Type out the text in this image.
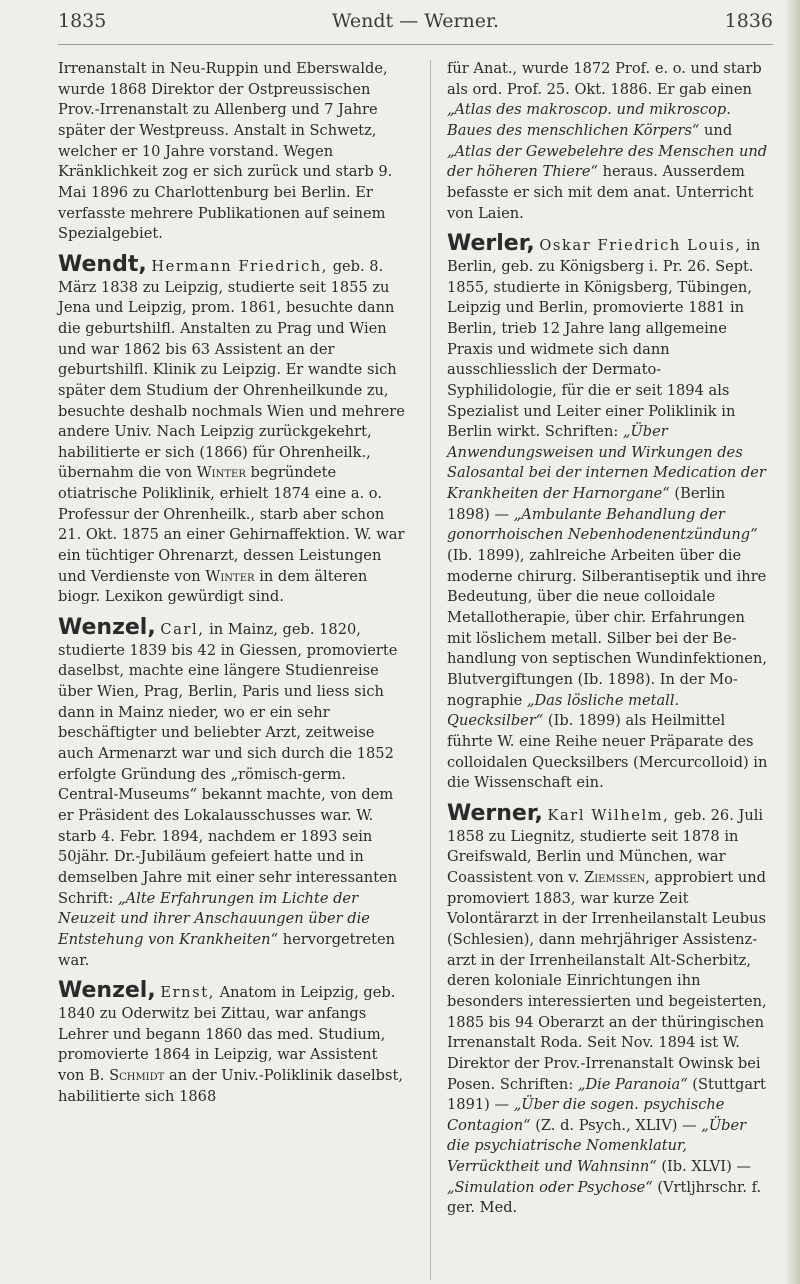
1835	Wendt — Werner.	1836

Irrenanstalt in Neu-Ruppin und Eberswalde, wurde 1868 Direktor der Ostpreussischen Prov.-Irrenanstalt zu Allenberg und 7 Jahre später der Westpreuss. Anstalt in Schwetz, welcher er 10 Jahre vorstand. Wegen Kränklichkeit zog er sich zurück und starb 9. Mai 1896 zu Charlottenburg bei Berlin. Er verfasste mehrere Publikationen auf seinem Spezialgebiet.

Wendt, Hermann Friedrich, geb. 8. März 1838 zu Leipzig, studierte seit 1855 zu Jena und Leipzig, prom. 1861, besuchte dann die geburtshilfl. Anstalten zu Prag und Wien und war 1862 bis 63 Assistent an der geburtshilfl. Klinik zu Leipzig. Er wandte sich später dem Studium der Ohrenheilkunde zu, besuchte deshalb nochmals Wien und mehrere andere Univ. Nach Leipzig zurückgekehrt, habilitierte er sich (1866) für Ohrenheilk., übernahm die von Winter begründete otiatrische Poliklinik, erhielt 1874 eine a. o. Professur der Ohrenheilk., starb aber schon 21. Okt. 1875 an einer Gehirnaffektion. W. war ein tüchtiger Ohrenarzt, dessen Leistungen und Verdienste von Winter in dem älteren biogr. Lexikon gewürdigt sind.

Wenzel, Carl, in Mainz, geb. 1820, studierte 1839 bis 42 in Giessen, promovierte daselbst, machte eine längere Studienreise über Wien, Prag, Berlin, Paris und liess sich dann in Mainz nieder, wo er ein sehr beschäftigter und beliebter Arzt, zeitweise auch Armenarzt war und sich durch die 1852 erfolgte Gründung des „römisch-germ. Central-Museums“ bekannt machte, von dem er Präsident des Lokalausschusses war. W. starb 4. Febr. 1894, nachdem er 1893 sein 50jähr. Dr.-Jubiläum gefeiert hatte und in demselben Jahre mit einer sehr interessanten Schrift: „Alte Erfahrungen im Lichte der Neuzeit und ihrer Anschauungen über die Entstehung von Krankheiten“ hervorgetreten war.

Wenzel, Ernst, Anatom in Leipzig, geb. 1840 zu Oderwitz bei Zittau, war anfangs Lehrer und begann 1860 das med. Studium, promovierte 1864 in Leipzig, war Assistent von B. Schmidt an der Univ.-Poliklinik daselbst, habilitierte sich 1868

für Anat., wurde 1872 Prof. e. o. und starb als ord. Prof. 25. Okt. 1886. Er gab einen „Atlas des makroscop. und mikroscop. Baues des menschlichen Körpers“ und „Atlas der Gewebelehre des Menschen und der höheren Thiere“ heraus. Ausserdem befasste er sich mit dem anat. Unterricht von Laien.

Werler, Oskar Friedrich Louis, in Berlin, geb. zu Königsberg i. Pr. 26. Sept. 1855, studierte in Königsberg, Tübingen, Leipzig und Berlin, promovierte 1881 in Berlin, trieb 12 Jahre lang allgemeine Praxis und widmete sich dann ausschliesslich der Dermato-Syphilidologie, für die er seit 1894 als Spezialist und Leiter einer Poliklinik in Berlin wirkt. Schriften: „Über Anwendungsweisen und Wirkungen des Salosantal bei der internen Medication der Krankheiten der Harnorgane“ (Berlin 1898) — „Ambulante Behandlung der gonorrhoischen Nebenhodenentzündung“ (Ib. 1899), zahlreiche Arbeiten über die moderne chirurg. Silberantiseptik und ihre Bedeutung, über die neue colloidale Metallotherapie, über chir. Erfahrungen mit löslichem metall. Silber bei der Behandlung von septischen Wundinfektionen, Blutvergiftungen (Ib. 1898). In der Monographie „Das lösliche metall. Quecksilber“ (Ib. 1899) als Heilmittel führte W. eine Reihe neuer Präparate des colloidalen Quecksilbers (Mercurcolloid) in die Wissenschaft ein.

Werner, Karl Wilhelm, geb. 26. Juli 1858 zu Liegnitz, studierte seit 1878 in Greifswald, Berlin und München, war Coassistent von v. Ziemssen, approbiert und promoviert 1883, war kurze Zeit Volontärarzt in der Irrenheilanstalt Leubus (Schlesien), dann mehrjähriger Assistenzarzt in der Irrenheilanstalt Alt-Scherbitz, deren koloniale Einrichtungen ihn besonders interessierten und begeisterten, 1885 bis 94 Oberarzt an der thüringischen Irrenanstalt Roda. Seit Nov. 1894 ist W. Direktor der Prov.-Irrenanstalt Owinsk bei Posen. Schriften: „Die Paranoia“ (Stuttgart 1891) — „Über die sogen. psychische Contagion“ (Z. d. Psych., XLIV) — „Über die psychiatrische Nomenklatur, Verrücktheit und Wahnsinn“ (Ib. XLVI) — „Simulation oder Psychose“ (Vrtljhrschr. f. ger. Med.
